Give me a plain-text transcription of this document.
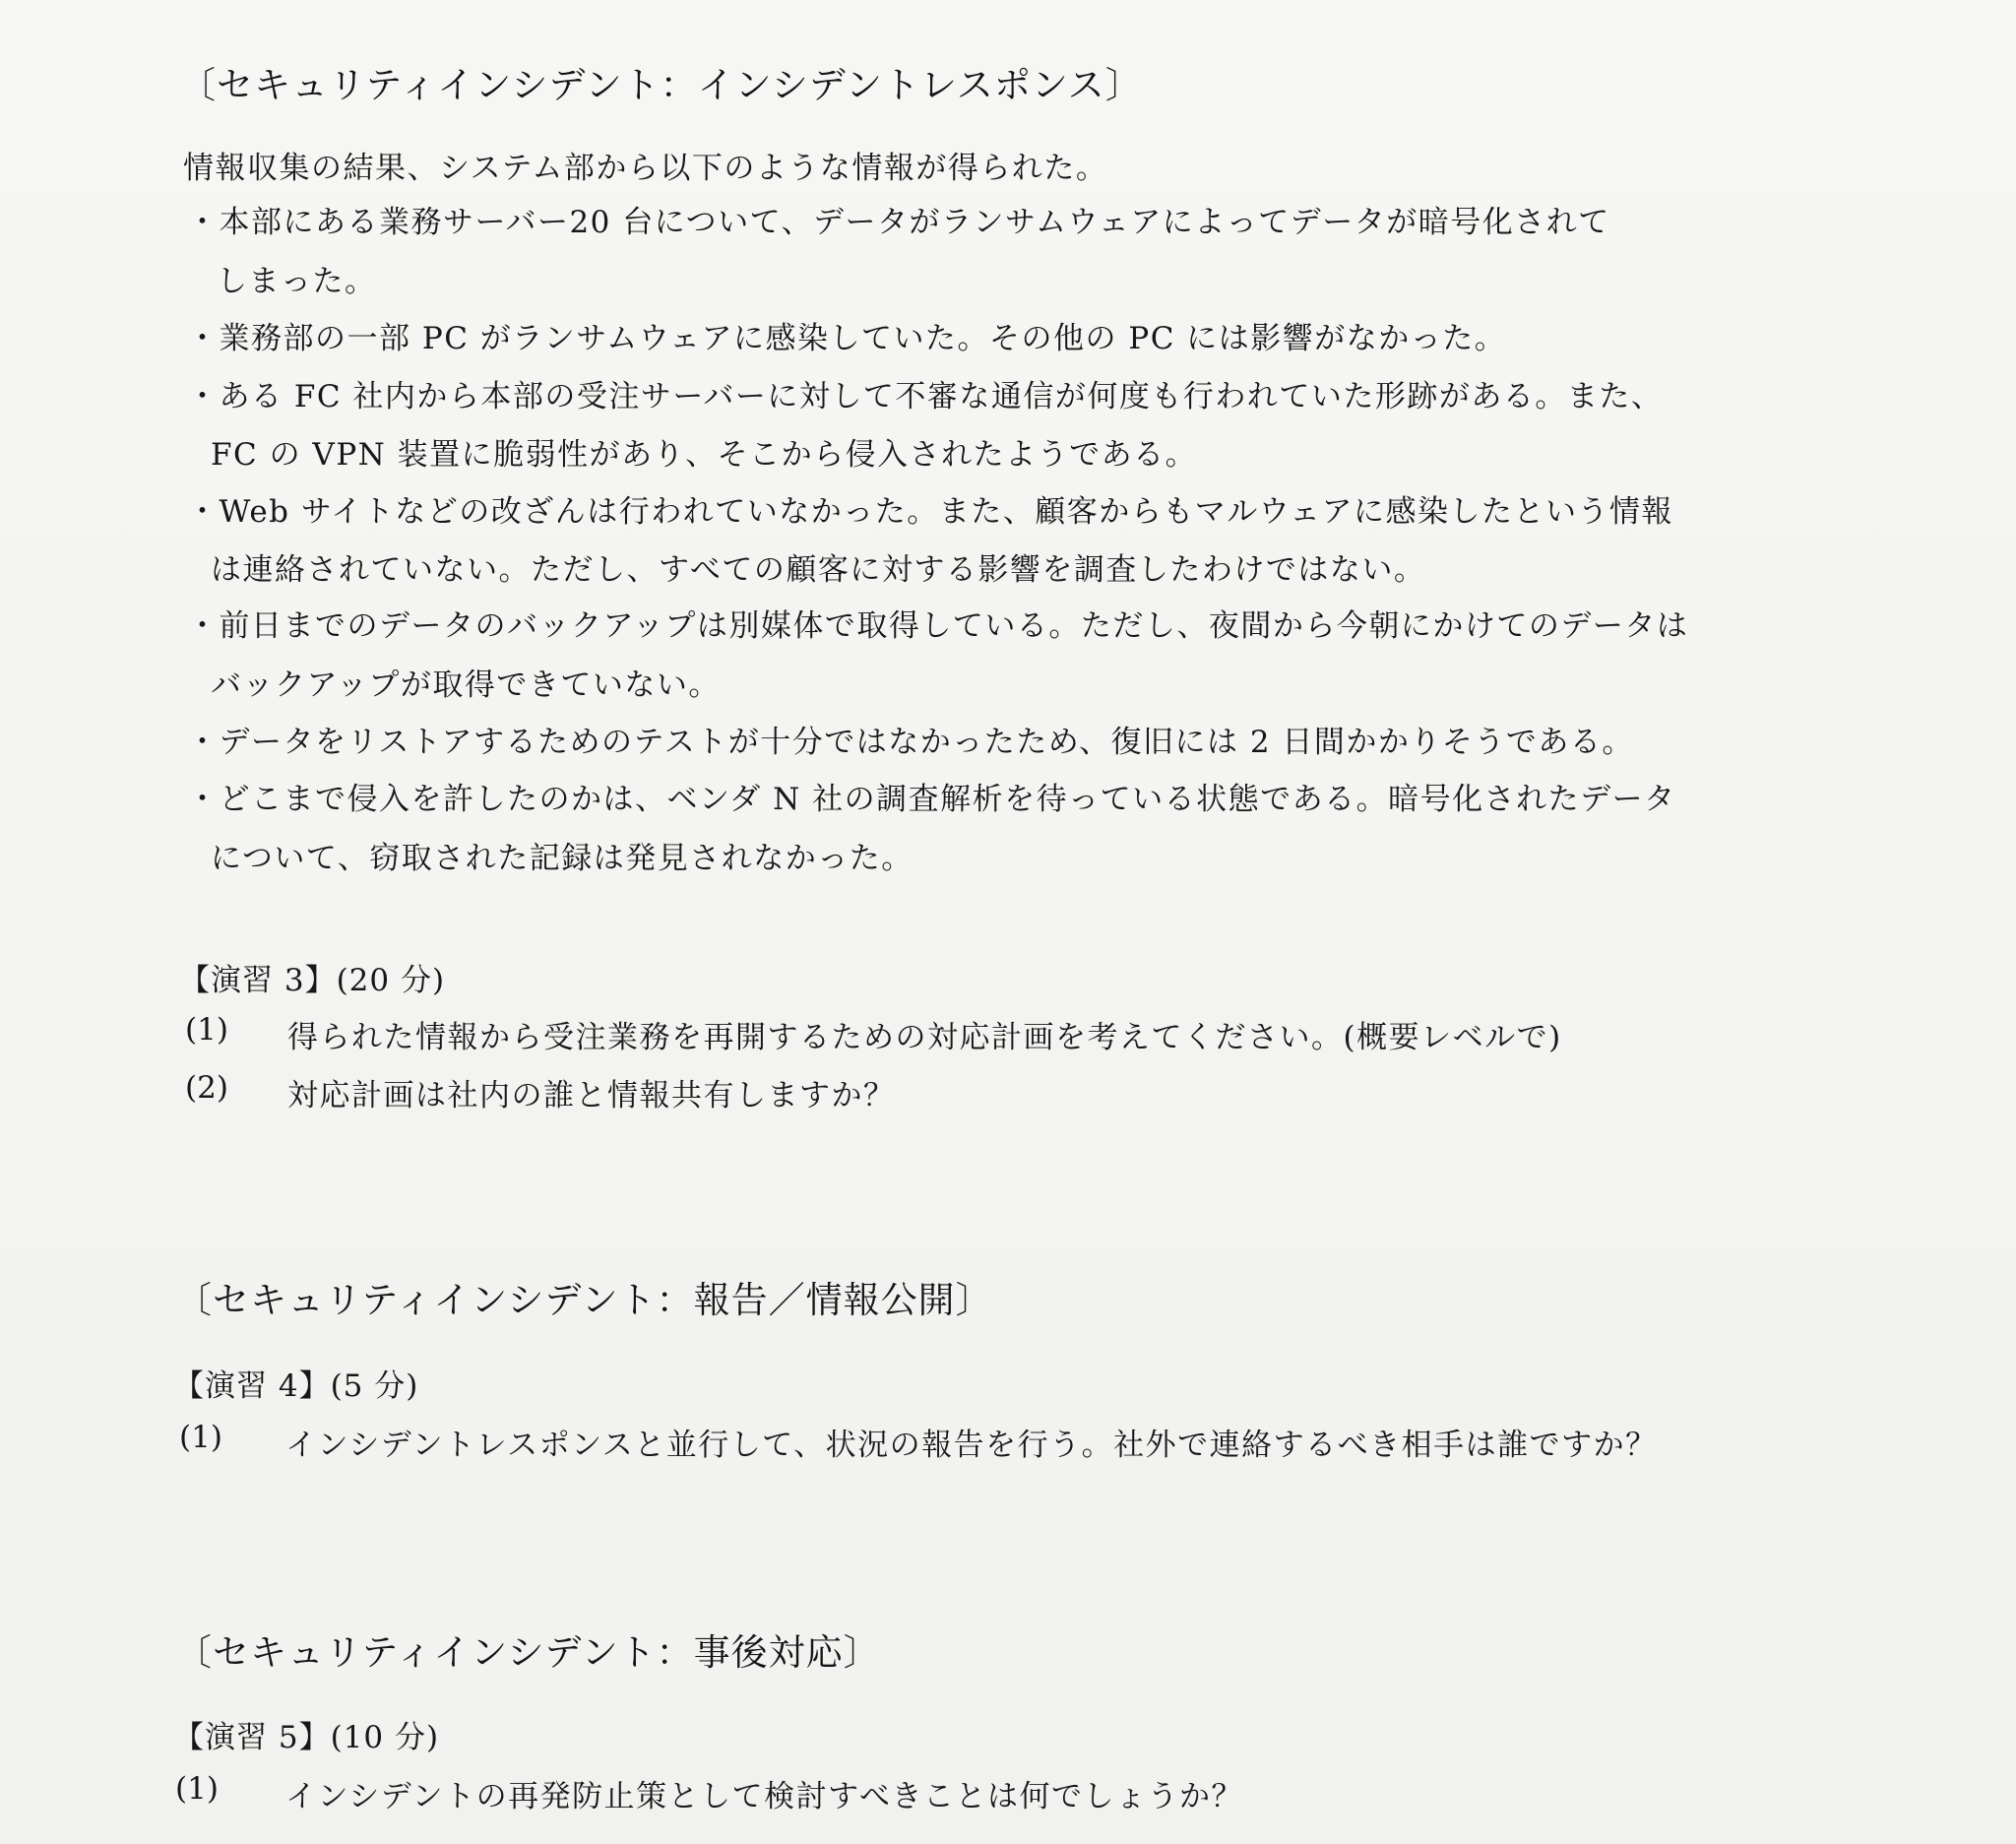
〔セキュリティインシデント：インシデントレスポンス〕
情報収集の結果、システム部から以下のような情報が得られた。
・本部にある業務サーバー20 台について、データがランサムウェアによってデータが暗号化されて
しまった。
・業務部の一部 PC がランサムウェアに感染していた。その他の PC には影響がなかった。
・ある FC 社内から本部の受注サーバーに対して不審な通信が何度も行われていた形跡がある。また、
FC の VPN 装置に脆弱性があり、そこから侵入されたようである。
・Web サイトなどの改ざんは行われていなかった。また、顧客からもマルウェアに感染したという情報
は連絡されていない。ただし、すべての顧客に対する影響を調査したわけではない。
・前日までのデータのバックアップは別媒体で取得している。ただし、夜間から今朝にかけてのデータは
バックアップが取得できていない。
・データをリストアするためのテストが十分ではなかったため、復旧には 2 日間かかりそうである。
・どこまで侵入を許したのかは、ベンダ N 社の調査解析を待っている状態である。暗号化されたデータ
について、窃取された記録は発見されなかった。
【演習 3】(20 分)
(1) 得られた情報から受注業務を再開するための対応計画を考えてください。(概要レベルで)
(2) 対応計画は社内の誰と情報共有しますか？
〔セキュリティインシデント：報告／情報公開〕
【演習 4】(5 分)
(1) インシデントレスポンスと並行して、状況の報告を行う。社外で連絡するべき相手は誰ですか？
〔セキュリティインシデント：事後対応〕
【演習 5】(10 分)
(1) インシデントの再発防止策として検討すべきことは何でしょうか？
